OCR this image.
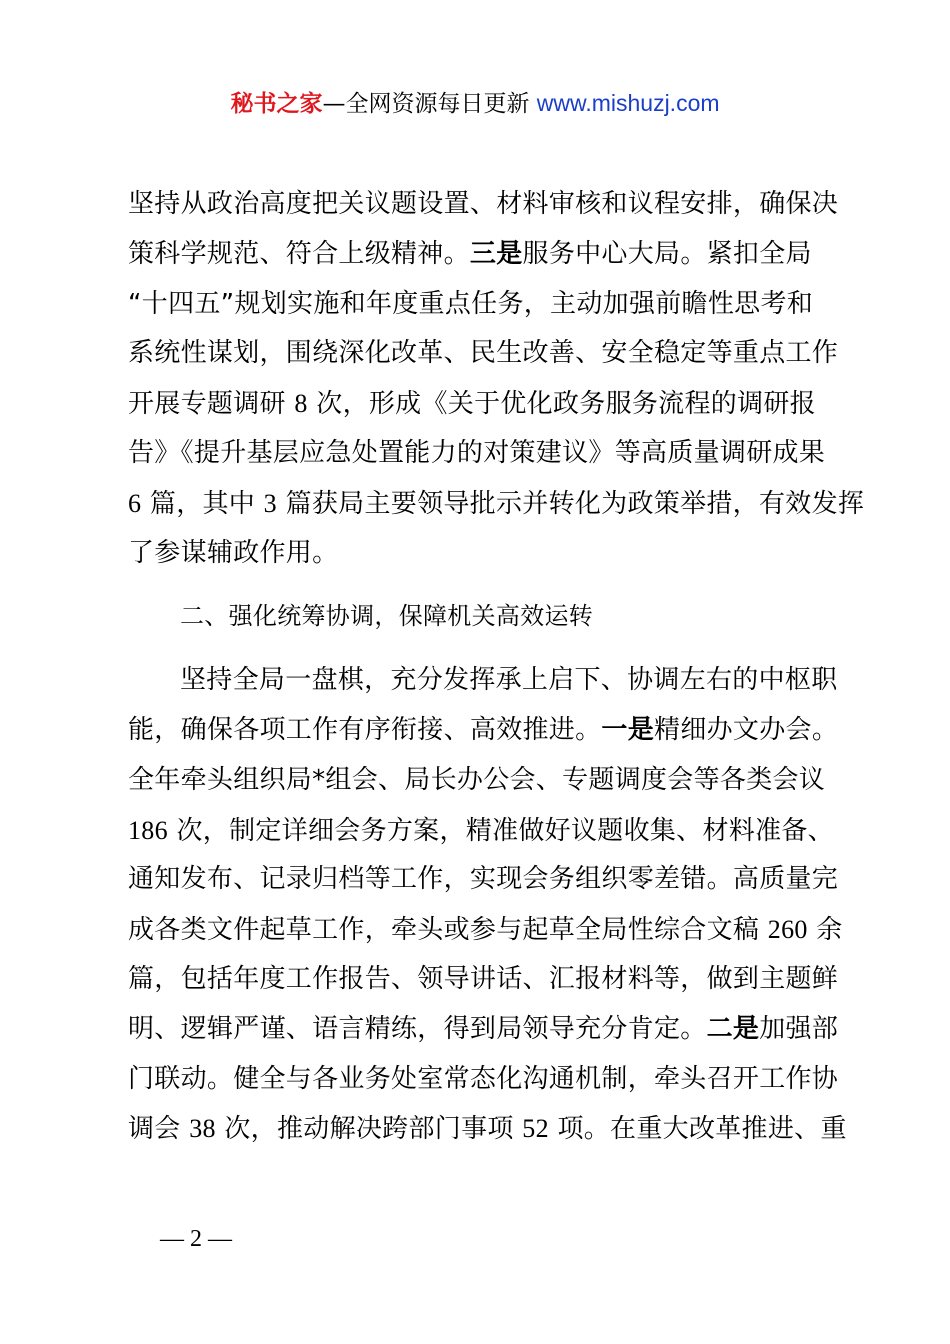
秘书之家—全网资源每日更新 www.mishuzj.com
坚持从政治高度把关议题设置、材料审核和议程安排，确保决
策科学规范、符合上级精神。三是服务中心大局。紧扣全局
“十四五”规划实施和年度重点任务，主动加强前瞻性思考和
系统性谋划，围绕深化改革、民生改善、安全稳定等重点工作
开展专题调研 8 次，形成《关于优化政务服务流程的调研报
告》《提升基层应急处置能力的对策建议》等高质量调研成果
6 篇，其中 3 篇获局主要领导批示并转化为政策举措，有效发挥
了参谋辅政作用。
二、强化统筹协调，保障机关高效运转
坚持全局一盘棋，充分发挥承上启下、协调左右的中枢职
能，确保各项工作有序衔接、高效推进。一是精细办文办会。
全年牵头组织局*组会、局长办公会、专题调度会等各类会议
186 次，制定详细会务方案，精准做好议题收集、材料准备、
通知发布、记录归档等工作，实现会务组织零差错。高质量完
成各类文件起草工作，牵头或参与起草全局性综合文稿 260 余
篇，包括年度工作报告、领导讲话、汇报材料等，做到主题鲜
明、逻辑严谨、语言精练，得到局领导充分肯定。二是加强部
门联动。健全与各业务处室常态化沟通机制，牵头召开工作协
调会 38 次，推动解决跨部门事项 52 项。在重大改革推进、重
— 2 —
